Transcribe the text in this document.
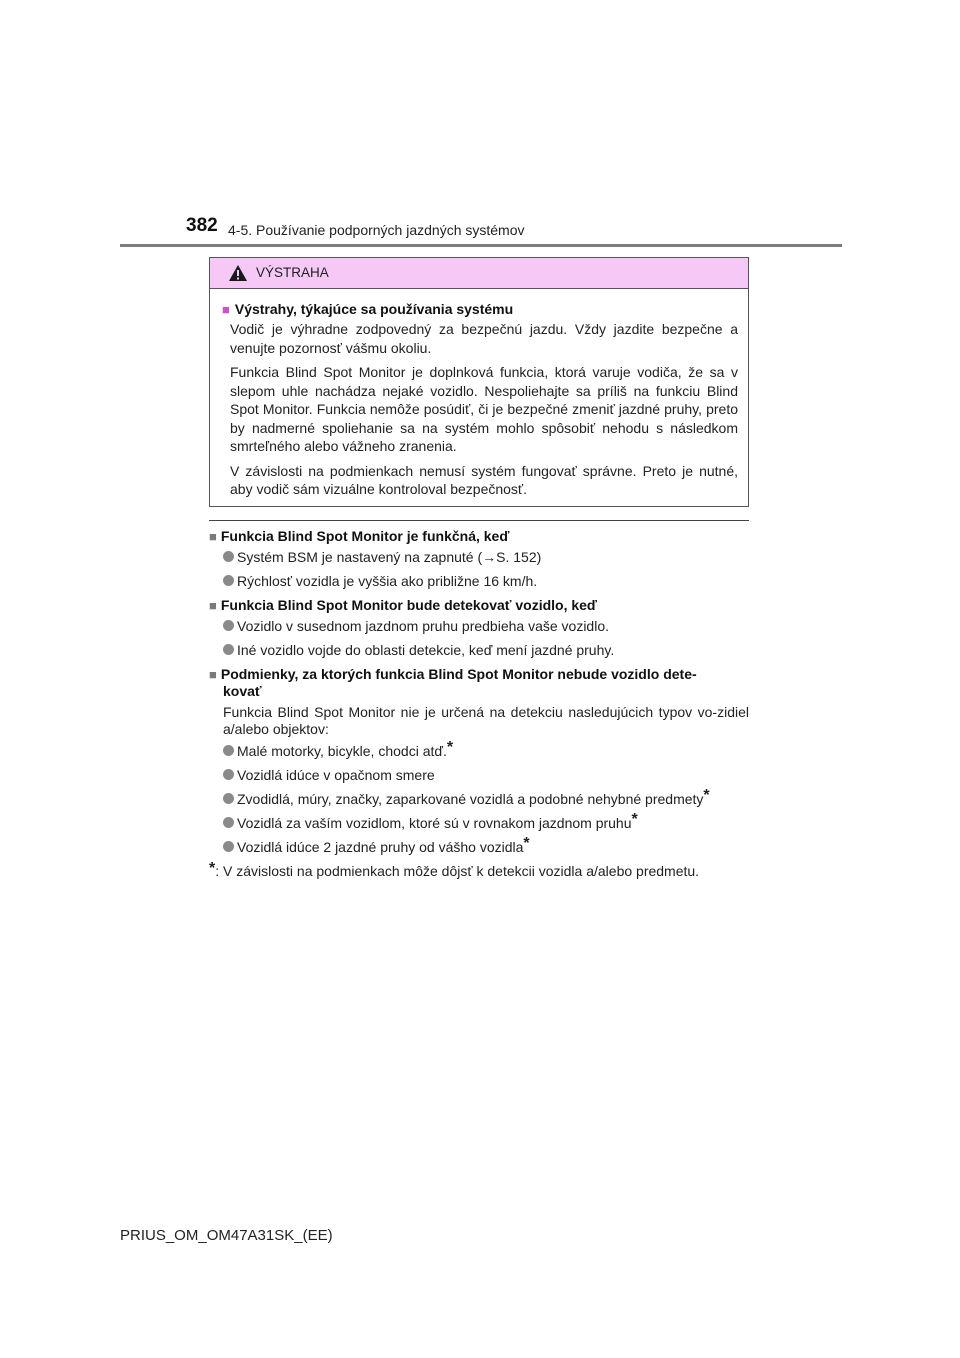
382 4-5. Používanie podporných jazdných systémov
VÝSTRAHA
■ Výstrahy, týkajúce sa používania systému

Vodič je výhradne zodpovedný za bezpečnú jazdu. Vždy jazdite bezpečne a venujte pozornosť vášmu okoliu.

Funkcia Blind Spot Monitor je doplnková funkcia, ktorá varuje vodiča, že sa v slepom uhle nachádza nejaké vozidlo. Nespoliehajte sa príliš na funkciu Blind Spot Monitor. Funkcia nemôže posúdiť, či je bezpečné zmeniť jazdné pruhy, preto by nadmerné spoliehanie sa na systém mohlo spôsobiť nehodu s následkom smrteľného alebo vážneho zranenia.

V závislosti na podmienkach nemusí systém fungovať správne. Preto je nutné, aby vodič sám vizuálne kontroloval bezpečnosť.

■ Funkcia Blind Spot Monitor je funkčná, keď
Systém BSM je nastavený na zapnuté (→S. 152)
Rýchlosť vozidla je vyššia ako približne 16 km/h.
■ Funkcia Blind Spot Monitor bude detekovať vozidlo, keď
Vozidlo v susednom jazdnom pruhu predbieha vaše vozidlo.
Iné vozidlo vojde do oblasti detekcie, keď mení jazdné pruhy.
■ Podmienky, za ktorých funkcia Blind Spot Monitor nebude vozidlo dete-
kovať

Funkcia Blind Spot Monitor nie je určená na detekciu nasledujúcich typov vo-zidiel a/alebo objektov:

Malé motorky, bicykle, chodci atď.*
Vozidlá idúce v opačnom smere
Zvodidlá, múry, značky, zaparkované vozidlá a podobné nehybné predmety*
Vozidlá za vaším vozidlom, ktoré sú v rovnakom jazdnom pruhu*
Vozidlá idúce 2 jazdné pruhy od vášho vozidla*

*: V závislosti na podmienkach môže dôjsť k detekcii vozidla a/alebo predmetu.

PRIUS_OM_OM47A31SK_(EE)
